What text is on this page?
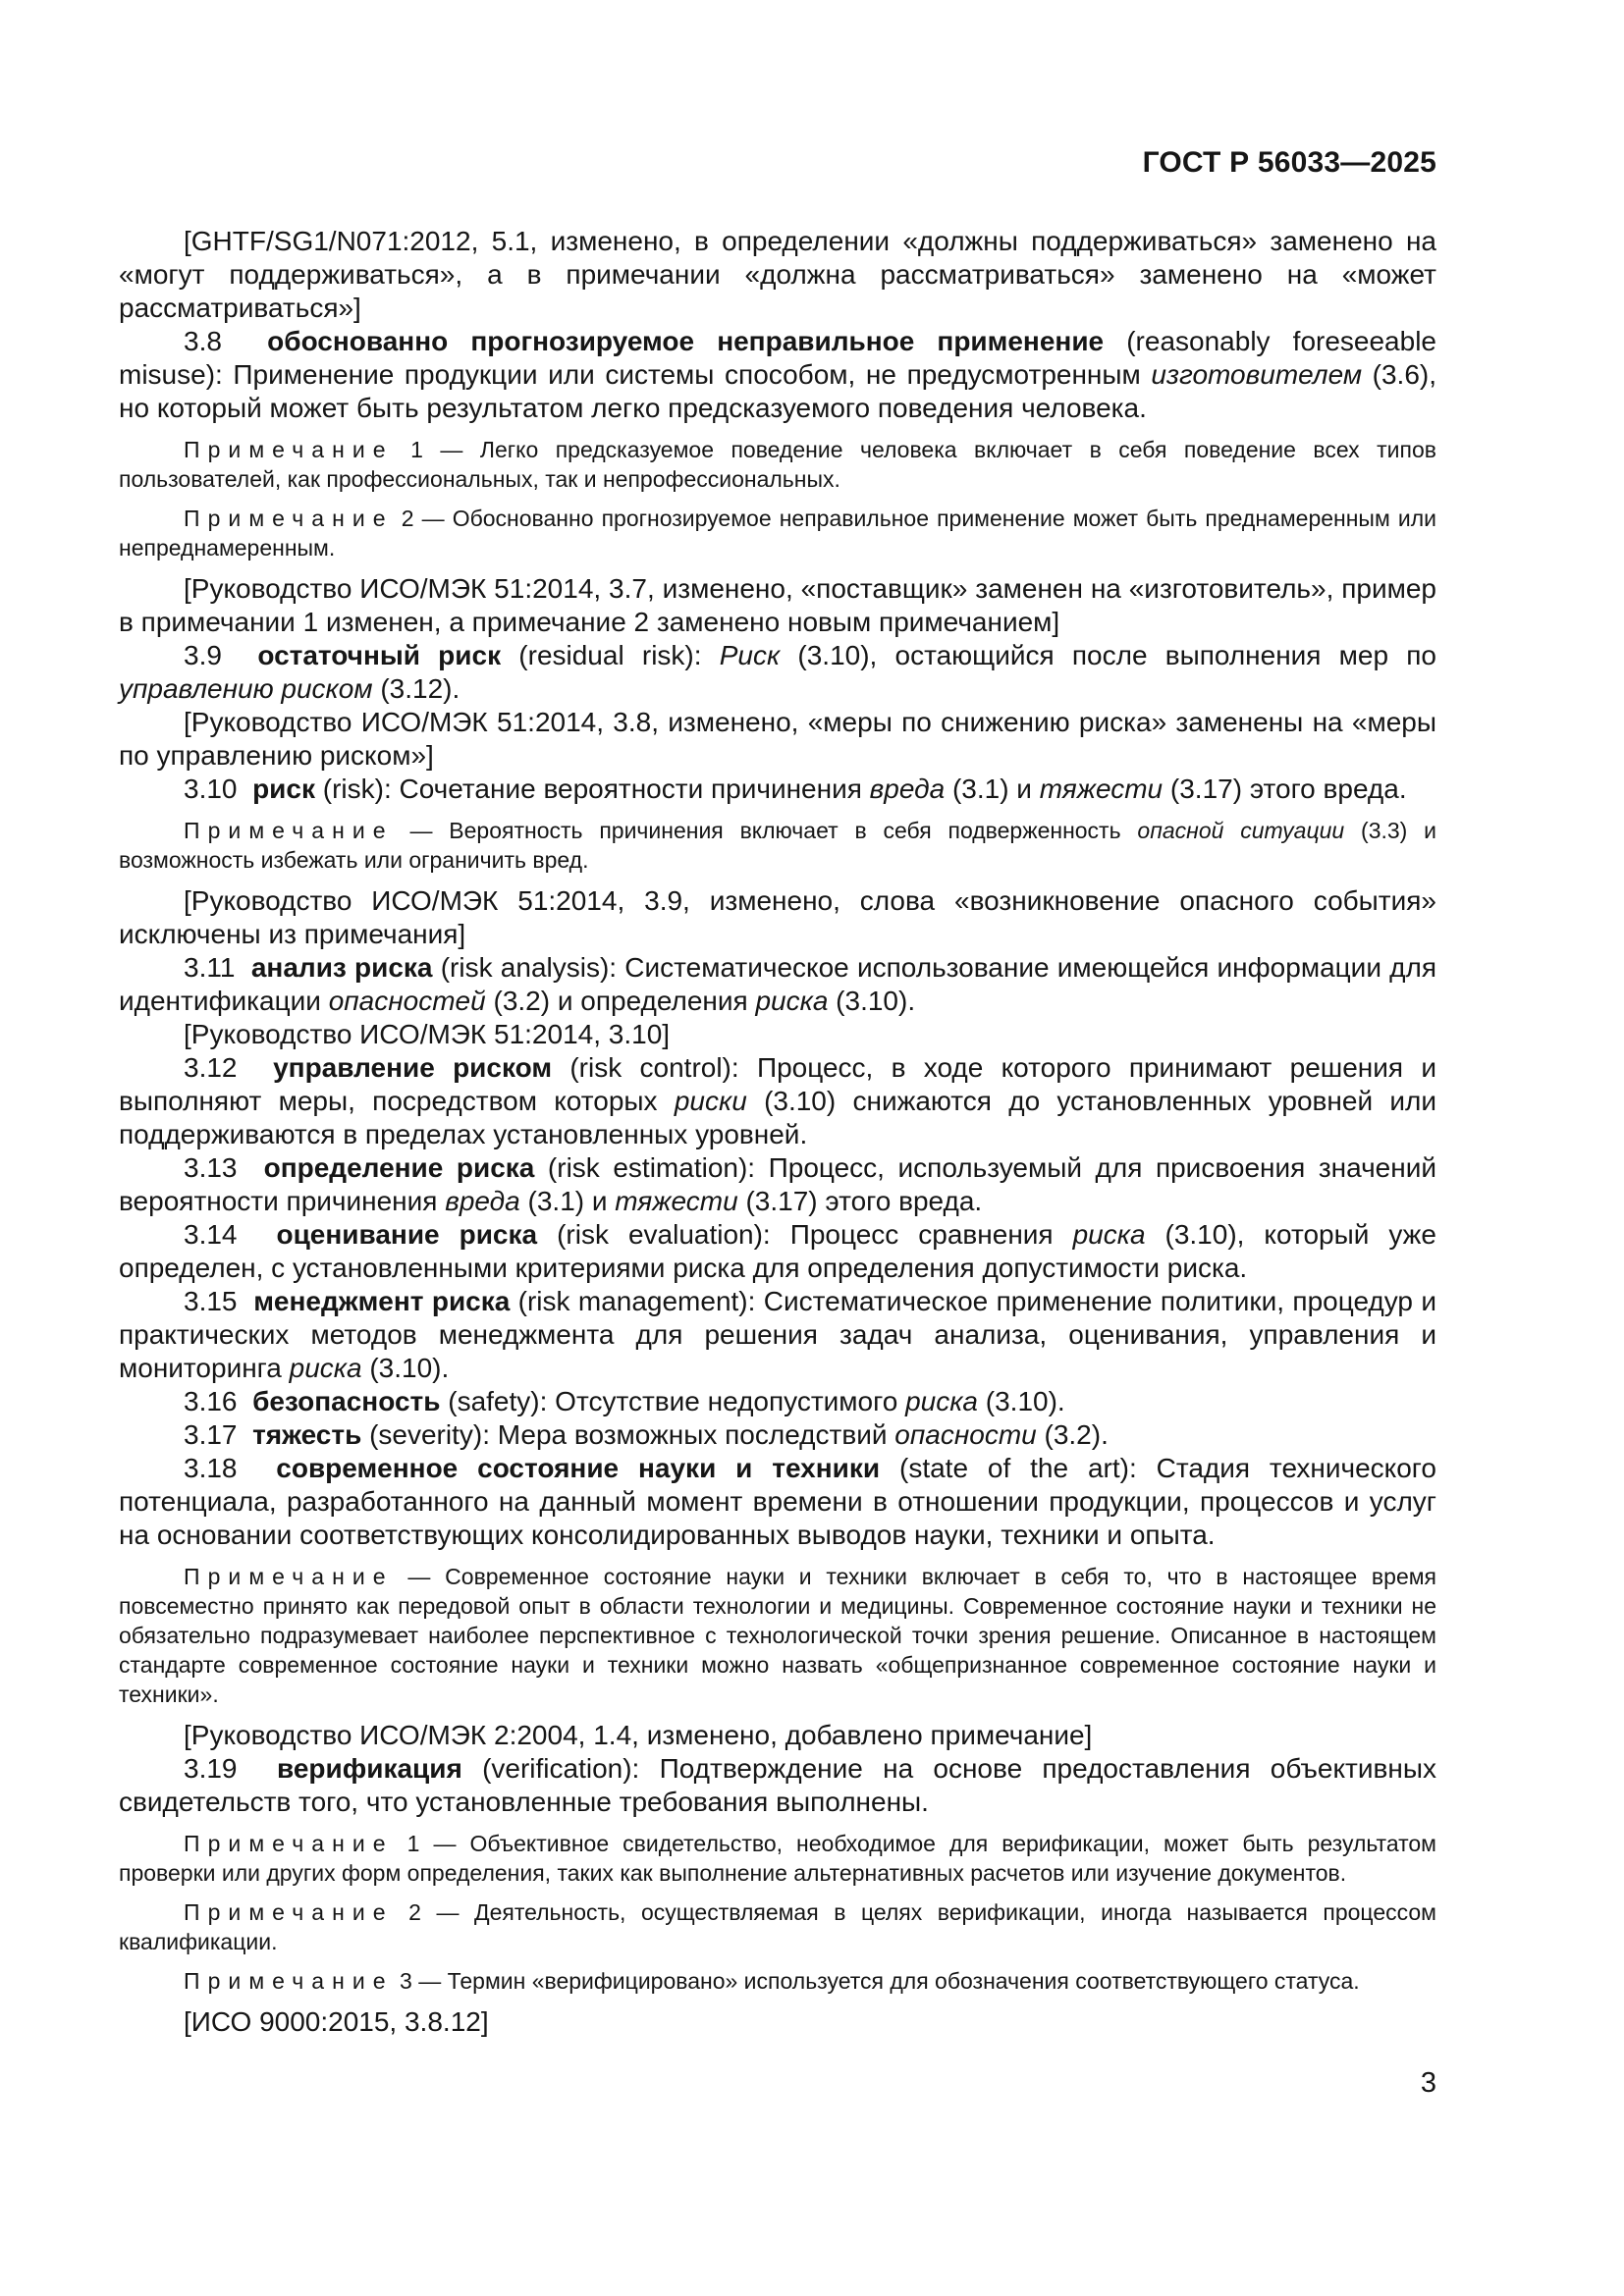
ГОСТ Р 56033—2025

[GHTF/SG1/N071:2012, 5.1, изменено, в определении «должны поддерживаться» заменено на «могут поддерживаться», а в примечании «должна рассматриваться» заменено на «может рассматриваться»]

3.8  обоснованно прогнозируемое неправильное применение (reasonably foreseeable misuse): Применение продукции или системы способом, не предусмотренным изготовителем (3.6), но который может быть результатом легко предсказуемого поведения человека.

Примечание 1 — Легко предсказуемое поведение человека включает в себя поведение всех типов пользователей, как профессиональных, так и непрофессиональных.

Примечание 2 — Обоснованно прогнозируемое неправильное применение может быть преднамеренным или непреднамеренным.

[Руководство ИСО/МЭК 51:2014, 3.7, изменено, «поставщик» заменен на «изготовитель», пример в примечании 1 изменен, а примечание 2 заменено новым примечанием]

3.9  остаточный риск (residual risk): Риск (3.10), остающийся после выполнения мер по управлению риском (3.12).

[Руководство ИСО/МЭК 51:2014, 3.8, изменено, «меры по снижению риска» заменены на «меры по управлению риском»]

3.10  риск (risk): Сочетание вероятности причинения вреда (3.1) и тяжести (3.17) этого вреда.

Примечание — Вероятность причинения включает в себя подверженность опасной ситуации (3.3) и возможность избежать или ограничить вред.

[Руководство ИСО/МЭК 51:2014, 3.9, изменено, слова «возникновение опасного события» исключены из примечания]

3.11  анализ риска (risk analysis): Систематическое использование имеющейся информации для идентификации опасностей (3.2) и определения риска (3.10).

[Руководство ИСО/МЭК 51:2014, 3.10]

3.12  управление риском (risk control): Процесс, в ходе которого принимают решения и выполняют меры, посредством которых риски (3.10) снижаются до установленных уровней или поддерживаются в пределах установленных уровней.

3.13  определение риска (risk estimation): Процесс, используемый для присвоения значений вероятности причинения вреда (3.1) и тяжести (3.17) этого вреда.

3.14  оценивание риска (risk evaluation): Процесс сравнения риска (3.10), который уже определен, с установленными критериями риска для определения допустимости риска.

3.15  менеджмент риска (risk management): Систематическое применение политики, процедур и практических методов менеджмента для решения задач анализа, оценивания, управления и мониторинга риска (3.10).

3.16  безопасность (safety): Отсутствие недопустимого риска (3.10).

3.17  тяжесть (severity): Мера возможных последствий опасности (3.2).

3.18  современное состояние науки и техники (state of the art): Стадия технического потенциала, разработанного на данный момент времени в отношении продукции, процессов и услуг на основании соответствующих консолидированных выводов науки, техники и опыта.

Примечание — Современное состояние науки и техники включает в себя то, что в настоящее время повсеместно принято как передовой опыт в области технологии и медицины. Современное состояние науки и техники не обязательно подразумевает наиболее перспективное с технологической точки зрения решение. Описанное в настоящем стандарте современное состояние науки и техники можно назвать «общепризнанное современное состояние науки и техники».

[Руководство ИСО/МЭК 2:2004, 1.4, изменено, добавлено примечание]

3.19  верификация (verification): Подтверждение на основе предоставления объективных свидетельств того, что установленные требования выполнены.

Примечание 1 — Объективное свидетельство, необходимое для верификации, может быть результатом проверки или других форм определения, таких как выполнение альтернативных расчетов или изучение документов.

Примечание 2 — Деятельность, осуществляемая в целях верификации, иногда называется процессом квалификации.

Примечание 3 — Термин «верифицировано» используется для обозначения соответствующего статуса.

[ИСО 9000:2015, 3.8.12]

3
